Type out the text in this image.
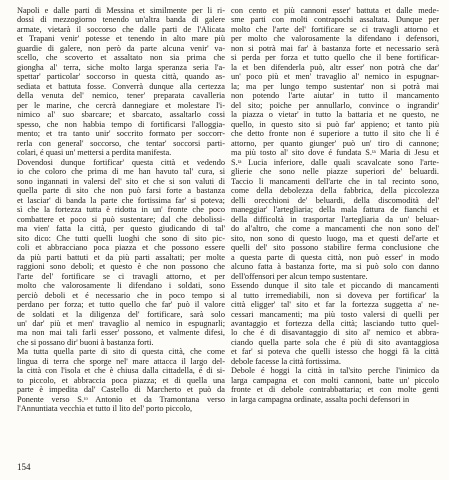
Napoli e dalle parti di Messina et similmente per li ri-
dossi di mezzogiorno tenendo un'altra banda di galere
armate, vietarà il soccorso che dalle parti de l'Alicata
et Trapani venir' potesse et tenendo in alto mare più
guardie di galere, non però da parte alcuna venir' va-
scello, che scoverto et assaltato non sia prima che
giongha al' terra, siche molto larga speranza seria l'a-
spettar' particolar' soccorso in questa città, quando as-
sediata et battuta fosse. Converrà dunque alla certezza
della venuta del' nemico, tener' preparata cavalleria
per le marine, che cercrà dannegiare et molestare l'i-
nimico al' suo sbarcare; et sbarcato, assaltarlo cossi
spesso, che non habbia tempo di fortificarsi l'alloggia-
mento; et tra tanto unir' soccrito formato per soccorr-
rerla con general' soccorso, che tentar' soccorsi parti-
colari, é quasi un' mettersi a perdita manifesta.
Dovendosi dunque fortificar' questa città et vedendo
io che coloro che prima di me han havuto tal' cura, si
sono ingannati in valersi del' sito et che si son valuti di
quella parte di sito che non può farsi forte a bastanza
et lasciar' di banda la parte che fortissima far' si poteva;
sì che la fortezza tutta è ridotta in un' fronte che poco
combattere et poco si può sustentare; dal che debolissi-
ma vien' fatta la città, per questo giudicando di tal'
sito dico: Che tutti quelli luoghi che sono di sito pic-
coli et abbracciano poca piazza et che possono essere
da più parti battuti et da più parti assaltati; per molte
raggioni sono deboli; et questo è che non possono che
l'arte del' fortificare se ci travagli attorno, et per
molto che valorosamente li difendano i soldati, sono
perciò deboli et é necessario che in poco tempo si
perdano per forza; et tutto quello che far' può il valore
de soldati et la diligenza del' fortificare, sarà solo
un' dar' più et men' travaglio al nemico in espugnarli;
ma non mai tali farli esser' possono, et valmente difesi,
che si possano dir' buoni à bastanza forti.
Ma tutta quella parte di sito di questa città, che come
lingua di terra che sporge nel' mare attacca il largo del-
la città con l'isola et che è chiusa dalla cittadella, é di si-
to piccolo, et abbraccia poca piazza; et di quella una
parte è impedita dal' Castello di Marcherto et può da
Ponente verso S.ᵗᵒ Antonio et da Tramontana verso
l'Annuntiata vecchia et tutto il lito del' porto piccolo,
con cento et più cannoni esser' battuta et dalle mede-
sme parti con molti contrapochi assaltata. Dunque per
molto che l'arte del' fortificare se ci travagli attorno et
per molto che valorosamente la difendano i defensori,
non si potrà mai far' à bastanza forte et necessario serà
si perda per forza et tutto quello che il bene fortificar-
la et ben difenderla può, altr esser' non potrà che dar'
un' poco più et men' travaglio al' nemico in espugnar-
la; ma per lungo tempo sustentar' non si potrà mai
non potendo l'arte aiutar' in tutto il mancamento
del sito; poiche per annullarlo, convince o ingrandir'
la piazza o vietar' in tutto la battaria et ne questo, ne
quello, in questo sito si può far' appieno; et tanto più
che detto fronte non é superiore a tutto il sito che li é
attorno, per quanto giunger' può un' tiro di cannone;
ma più tosto al' sito dove é fundata S.ᵗᵃ Maria di Jesu et
S.ᵗᵃ Lucia inferiore, dalle quali scavalcate sono l'arte-
glierie che sono nelle piazze superiori de' beluardi.
Taccio li mancamenti dell'arte che in tal recinto sono,
come della debolezza della fabbrica, della piccolezza
delli orecchioni de' beluardi, della discomodità del'
maneggiar' l'artegliaria; della mala fattura de fianchi et
della difficoltà in trasportar l'artegliaria da un' beluar-
do al'altro, che come a mancamenti che non sono del'
sito, non sono di questo luogo, ma et questi del'arte et
quelli del' sito possono stabilire ferma conclusione che
a questa parte di questa città, non può esser' in modo
alcuno fatta à bastanza forte, ma si può solo con danno
dell'offensori per alcun tempo sustentare.
Essendo dunque il sito tale et piccando di mancamenti
al tutto irremediabili, non si doveva per fortificar' la
città eligger' tal' sito et far la fortezza suggetta a' ne-
cessari mancamenti; ma più tosto valersi di quelli per
avantaggio et fortezza della città; lasciando tutto quel-
lo che é di disavantaggio di sito al' nemico et abbra-
ciando quella parte sola che é più di sito avantaggiosa
et far' si poteva che quelli istesso che hoggi fà la città
debole facesse la città fortissima.
Debole é hoggi la città in tal'sito perche l'inimico da
larga campagna et con molti cannoni, batte un' piccolo
fronte et di debole contrabbattaria; et con molte genti
in larga campagna ordinate, assalta pochi defensori in
154
